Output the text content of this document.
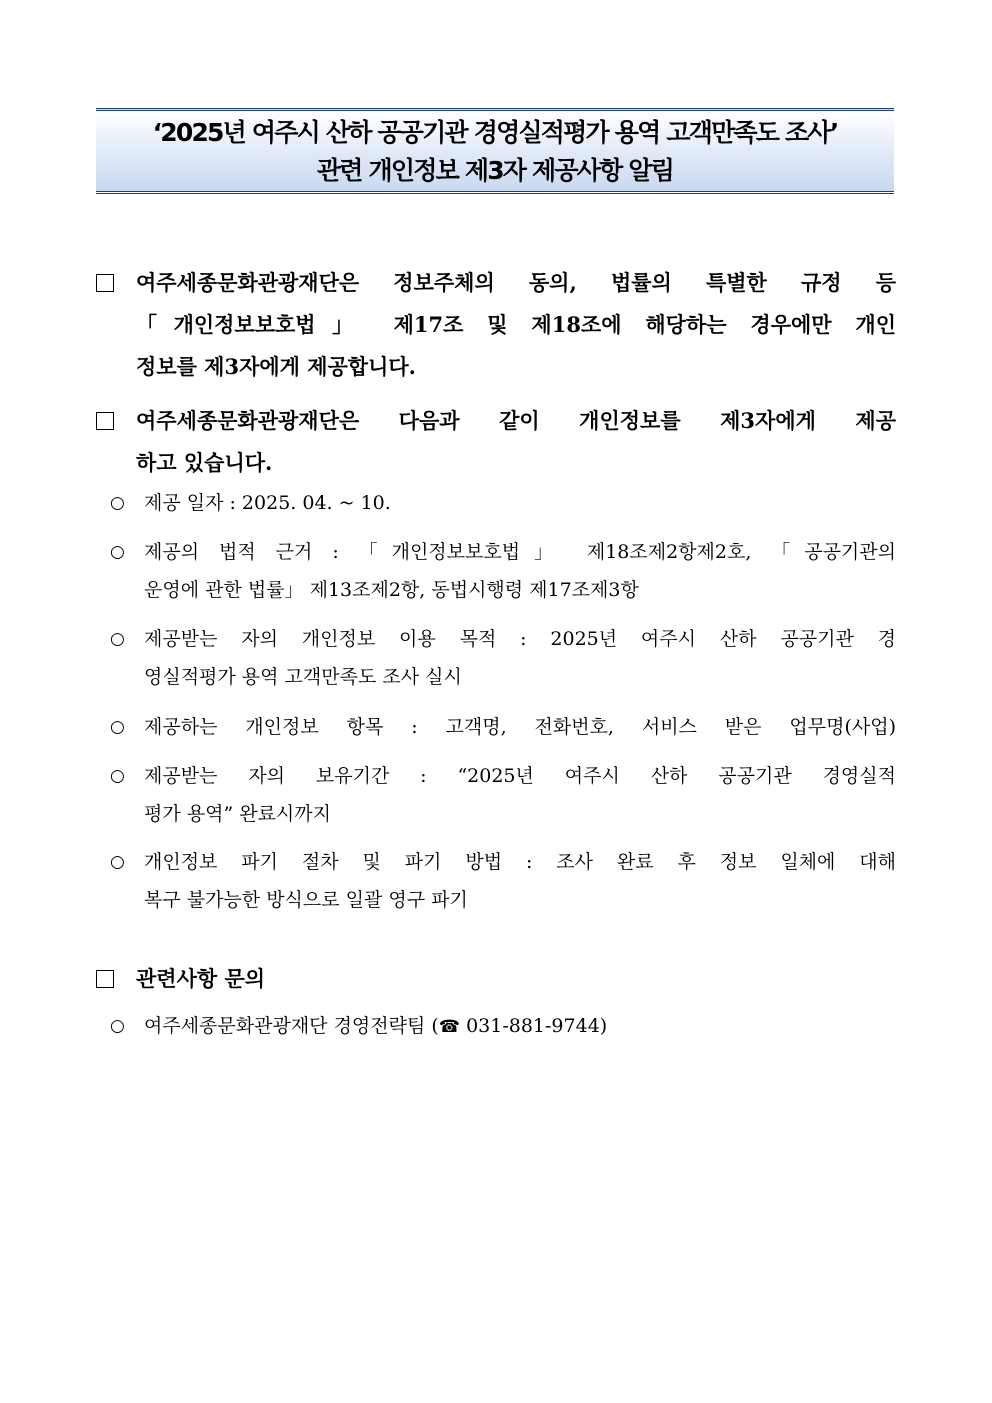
‘2025년 여주시 산하 공공기관 경영실적평가 용역 고객만족도 조사’
관련 개인정보 제3자 제공사항 알림
여주세종문화관광재단은 정보주체의 동의, 법률의 특별한 규정 등
「개인정보보호법」 제17조 및 제18조에 해당하는 경우에만 개인
정보를 제3자에게 제공합니다.
여주세종문화관광재단은 다음과 같이 개인정보를 제3자에게 제공
하고 있습니다.
○ 제공 일자 : 2025. 04. ~ 10.
○ 제공의 법적 근거 : 「개인정보보호법」 제18조제2항제2호, 「공공기관의
운영에 관한 법률」 제13조제2항, 동법시행령 제17조제3항
○ 제공받는 자의 개인정보 이용 목적 : 2025년 여주시 산하 공공기관 경
영실적평가 용역 고객만족도 조사 실시
○ 제공하는 개인정보 항목 : 고객명, 전화번호, 서비스 받은 업무명(사업)
○ 제공받는 자의 보유기간 : “2025년 여주시 산하 공공기관 경영실적
평가 용역” 완료시까지
○ 개인정보 파기 절차 및 파기 방법 : 조사 완료 후 정보 일체에 대해
복구 불가능한 방식으로 일괄 영구 파기
관련사항 문의
○ 여주세종문화관광재단 경영전략팀 (☎ 031-881-9744)
